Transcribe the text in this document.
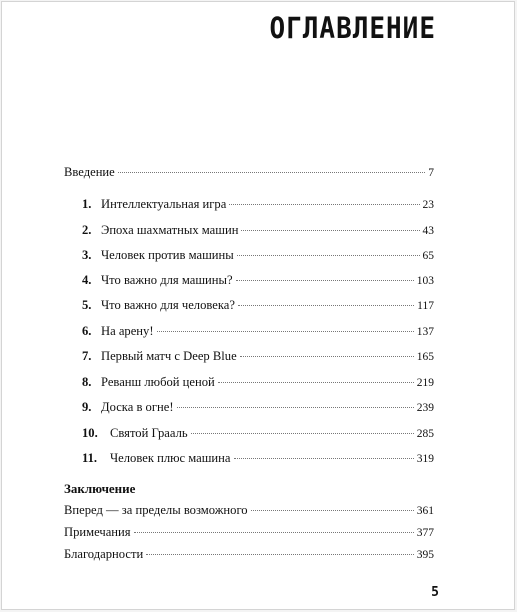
ОГЛАВЛЕНИЕ
Введение	7
1. Интеллектуальная игра	23
2. Эпоха шахматных машин	43
3. Человек против машины	65
4. Что важно для машины?	103
5. Что важно для человека?	117
6. На арену!	137
7. Первый матч с Deep Blue	165
8. Реванш любой ценой	219
9. Доска в огне!	239
10. Святой Грааль	285
11.	Человек плюс машина	319
Заключение
Вперед — за пределы возможного	361
Примечания	377
Благодарности	395
5
